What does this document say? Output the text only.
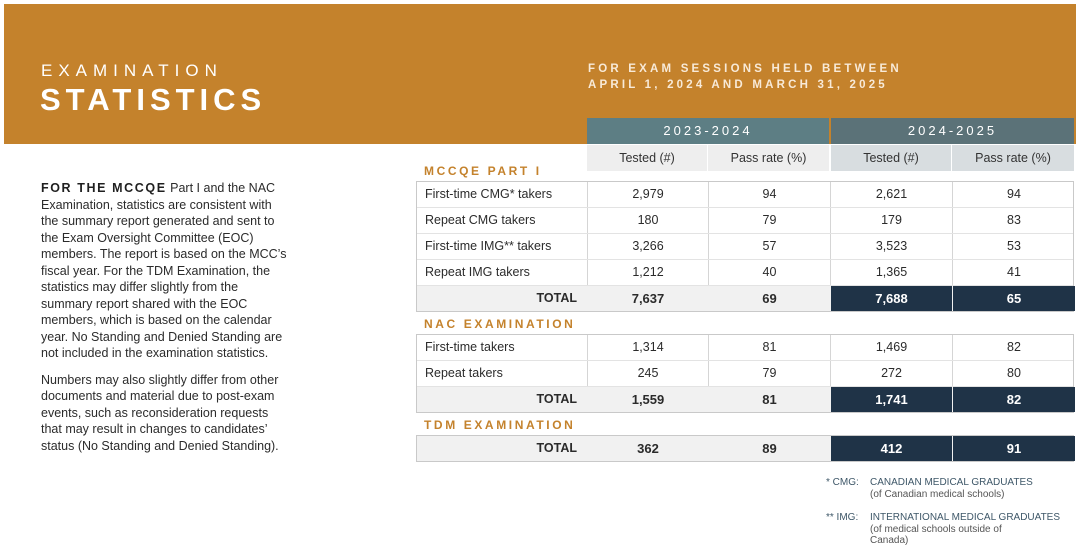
EXAMINATION
STATISTICS
FOR EXAM SESSIONS HELD BETWEEN
APRIL 1, 2024 AND MARCH 31, 2025

FOR THE MCCQE Part I and the NAC Examination, statistics are consistent with the summary report generated and sent to the Exam Oversight Committee (EOC) members. The report is based on the MCC’s fiscal year. For the TDM Examination, the statistics may differ slightly from the summary report shared with the EOC members, which is based on the calendar year. No Standing and Denied Standing are not included in the examination statistics.

Numbers may also slightly differ from other documents and material due to post-exam events, such as reconsideration requests that may result in changes to candidates’ status (No Standing and Denied Standing).

2023-2024	2024-2025
Tested (#)	Pass rate (%)	Tested (#)	Pass rate (%)
MCCQE PART I
First-time CMG* takers	2,979	94	2,621	94
Repeat CMG takers	180	79	179	83
First-time IMG** takers	3,266	57	3,523	53
Repeat IMG takers	1,212	40	1,365	41
TOTAL	7,637	69	7,688	65
NAC EXAMINATION
First-time takers	1,314	81	1,469	82
Repeat takers	245	79	272	80
TOTAL	1,559	81	1,741	82
TDM EXAMINATION
TOTAL	362	89	412	91
* CMG: CANADIAN MEDICAL GRADUATES
(of Canadian medical schools)
** IMG: INTERNATIONAL MEDICAL GRADUATES
(of medical schools outside of
Canada)
